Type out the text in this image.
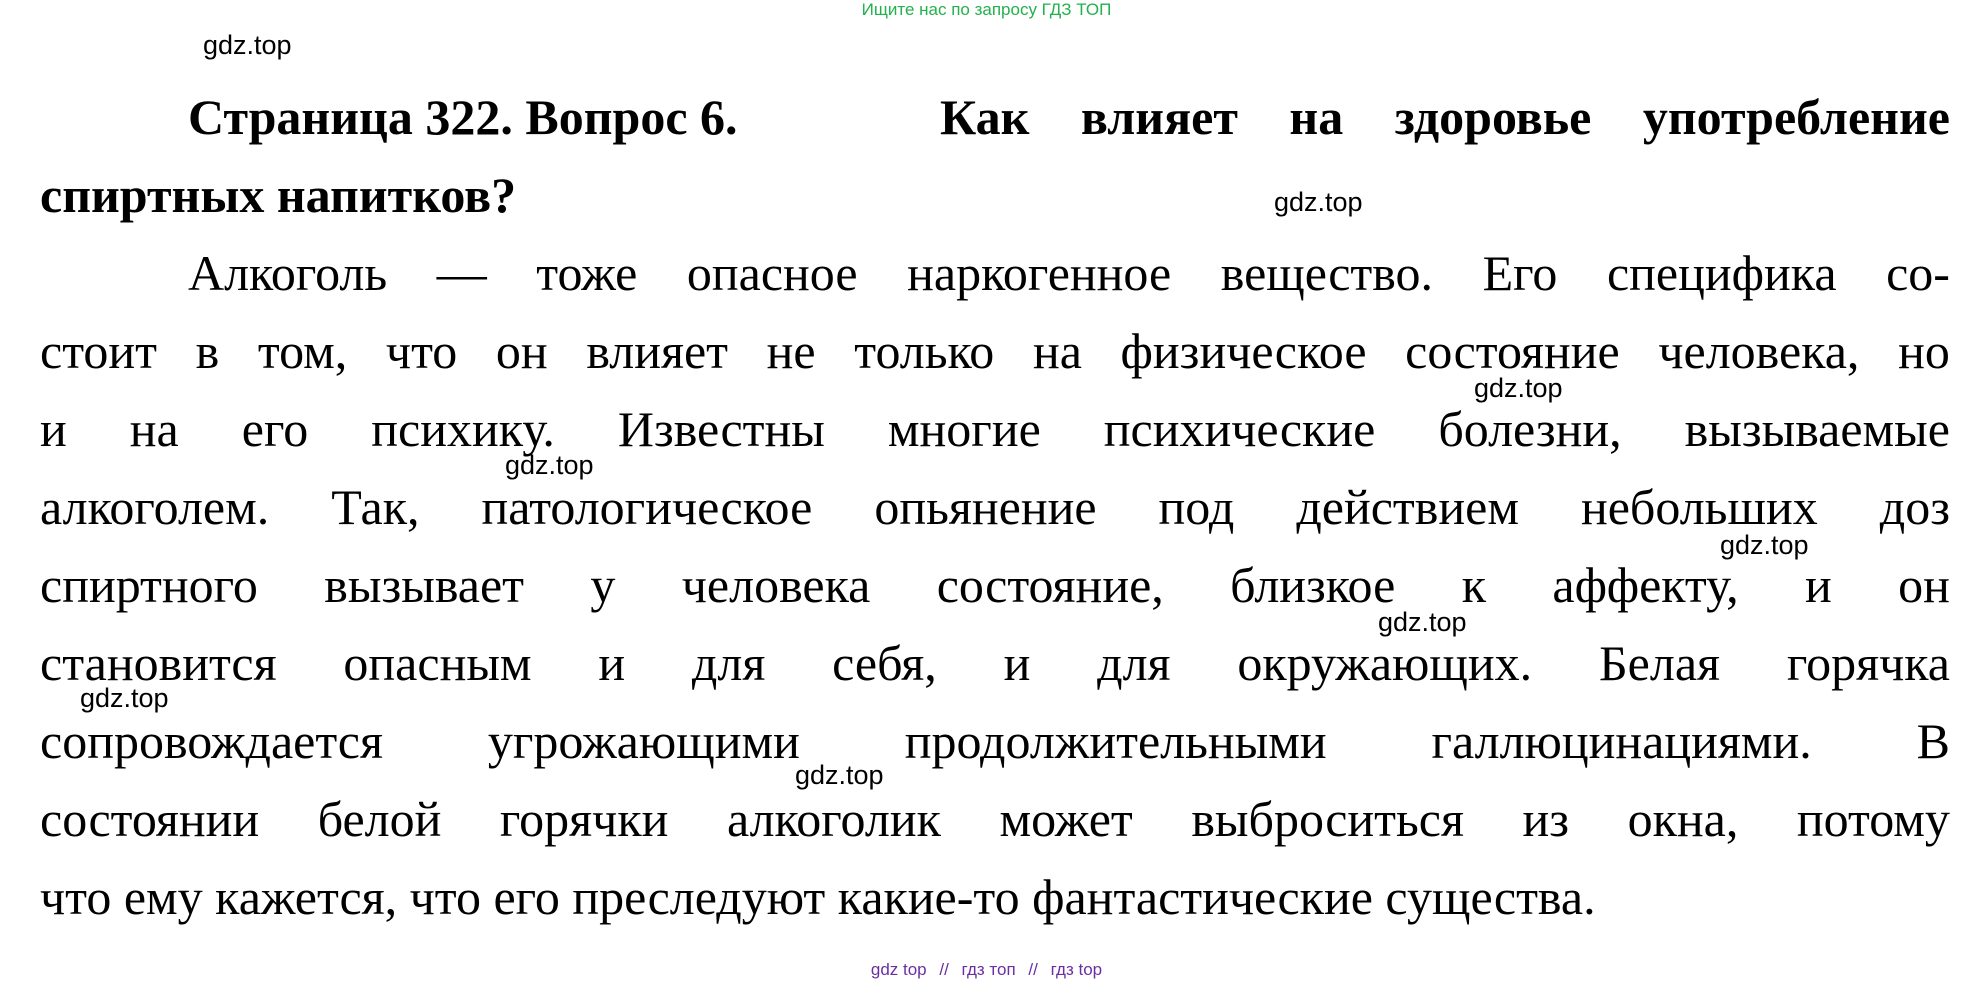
Ищите нас по запросу ГДЗ ТОП
gdz.top
gdz.top
gdz.top
gdz.top
gdz.top
gdz.top
gdz.top
gdz.top
Страница 322. Вопрос 6.	Как влияет на здоровье употребление
спиртных напитков?
Алкоголь — тоже опасное наркогенное вещество. Его специфика со-
стоит в том, что он влияет не только на физическое состояние человека, но
и на его психику. Известны многие психические болезни, вызываемые
алкоголем. Так, патологическое опьянение под действием небольших доз
спиртного вызывает у человека состояние, близкое к аффекту, и он
становится опасным и для себя, и для окружающих. Белая горячка
сопровождается угрожающими продолжительными галлюцинациями. В
состоянии белой горячки алкоголик может выброситься из окна, потому
что ему кажется, что его преследуют какие-то фантастические существа.
gdz top // гдз топ // гдз top
